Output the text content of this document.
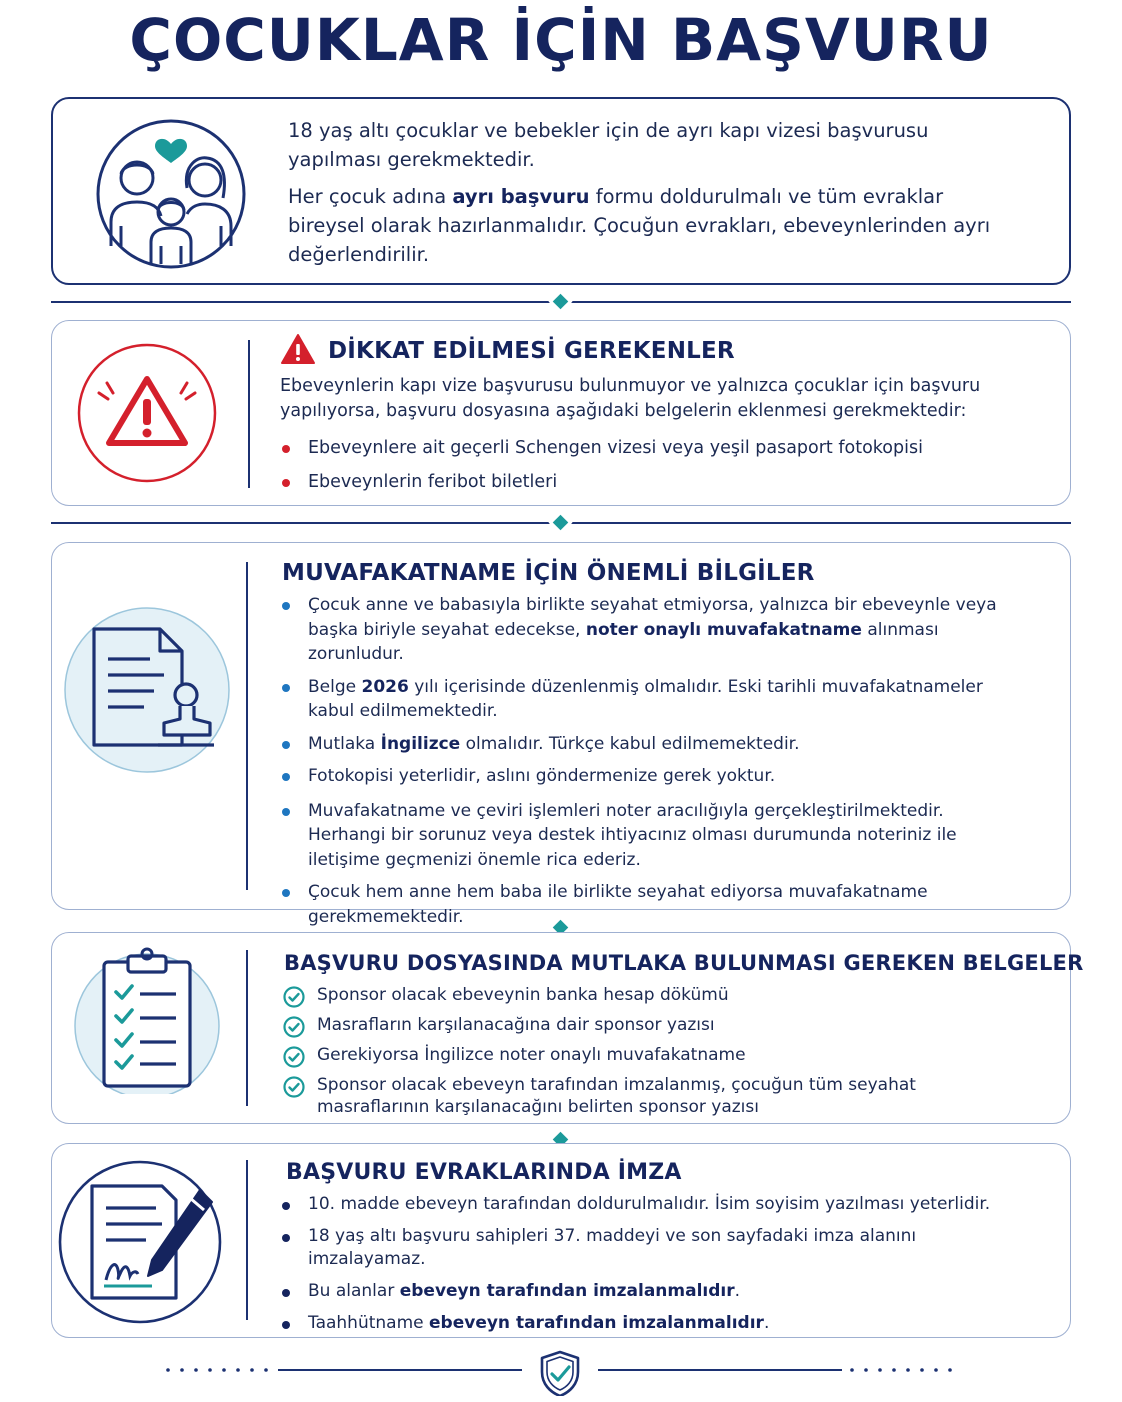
ÇOCUKLAR İÇİN BAŞVURU

18 yaş altı çocuklar ve bebekler için de ayrı kapı vizesi başvurusu yapılması gerekmektedir.

Her çocuk adına ayrı başvuru formu doldurulmalı ve tüm evraklar bireysel olarak hazırlanmalıdır. Çocuğun evrakları, ebeveynlerinden ayrı değerlendirilir.

DİKKAT EDİLMESİ GEREKENLER
Ebeveynlerin kapı vize başvurusu bulunmuyor ve yalnızca çocuklar için başvuru yapılıyorsa, başvuru dosyasına aşağıdaki belgelerin eklenmesi gerekmektedir:
Ebeveynlere ait geçerli Schengen vizesi veya yeşil pasaport fotokopisi
Ebeveynlerin feribot biletleri
MUVAFAKATNAME İÇİN ÖNEMLİ BİLGİLER
Çocuk anne ve babasıyla birlikte seyahat etmiyorsa, yalnızca bir ebeveynle veya başka biriyle seyahat edecekse, noter onaylı muvafakatname alınması zorunludur.
Belge 2026 yılı içerisinde düzenlenmiş olmalıdır. Eski tarihli muvafakatnameler kabul edilmemektedir.
Mutlaka İngilizce olmalıdır. Türkçe kabul edilmemektedir.
Fotokopisi yeterlidir, aslını göndermenize gerek yoktur.
Muvafakatname ve çeviri işlemleri noter aracılığıyla gerçekleştirilmektedir. Herhangi bir sorunuz veya destek ihtiyacınız olması durumunda noteriniz ile iletişime geçmenizi önemle rica ederiz.
Çocuk hem anne hem baba ile birlikte seyahat ediyorsa muvafakatname gerekmemektedir.
BAŞVURU DOSYASINDA MUTLAKA BULUNMASI GEREKEN BELGELER
Sponsor olacak ebeveynin banka hesap dökümü
Masrafların karşılanacağına dair sponsor yazısı
Gerekiyorsa İngilizce noter onaylı muvafakatname
Sponsor olacak ebeveyn tarafından imzalanmış, çocuğun tüm seyahat masraflarının karşılanacağını belirten sponsor yazısı
BAŞVURU EVRAKLARINDA İMZA
10. madde ebeveyn tarafından doldurulmalıdır. İsim soyisim yazılması yeterlidir.
18 yaş altı başvuru sahipleri 37. maddeyi ve son sayfadaki imza alanını imzalayamaz.
Bu alanlar ebeveyn tarafından imzalanmalıdır.
Taahhütname ebeveyn tarafından imzalanmalıdır.
